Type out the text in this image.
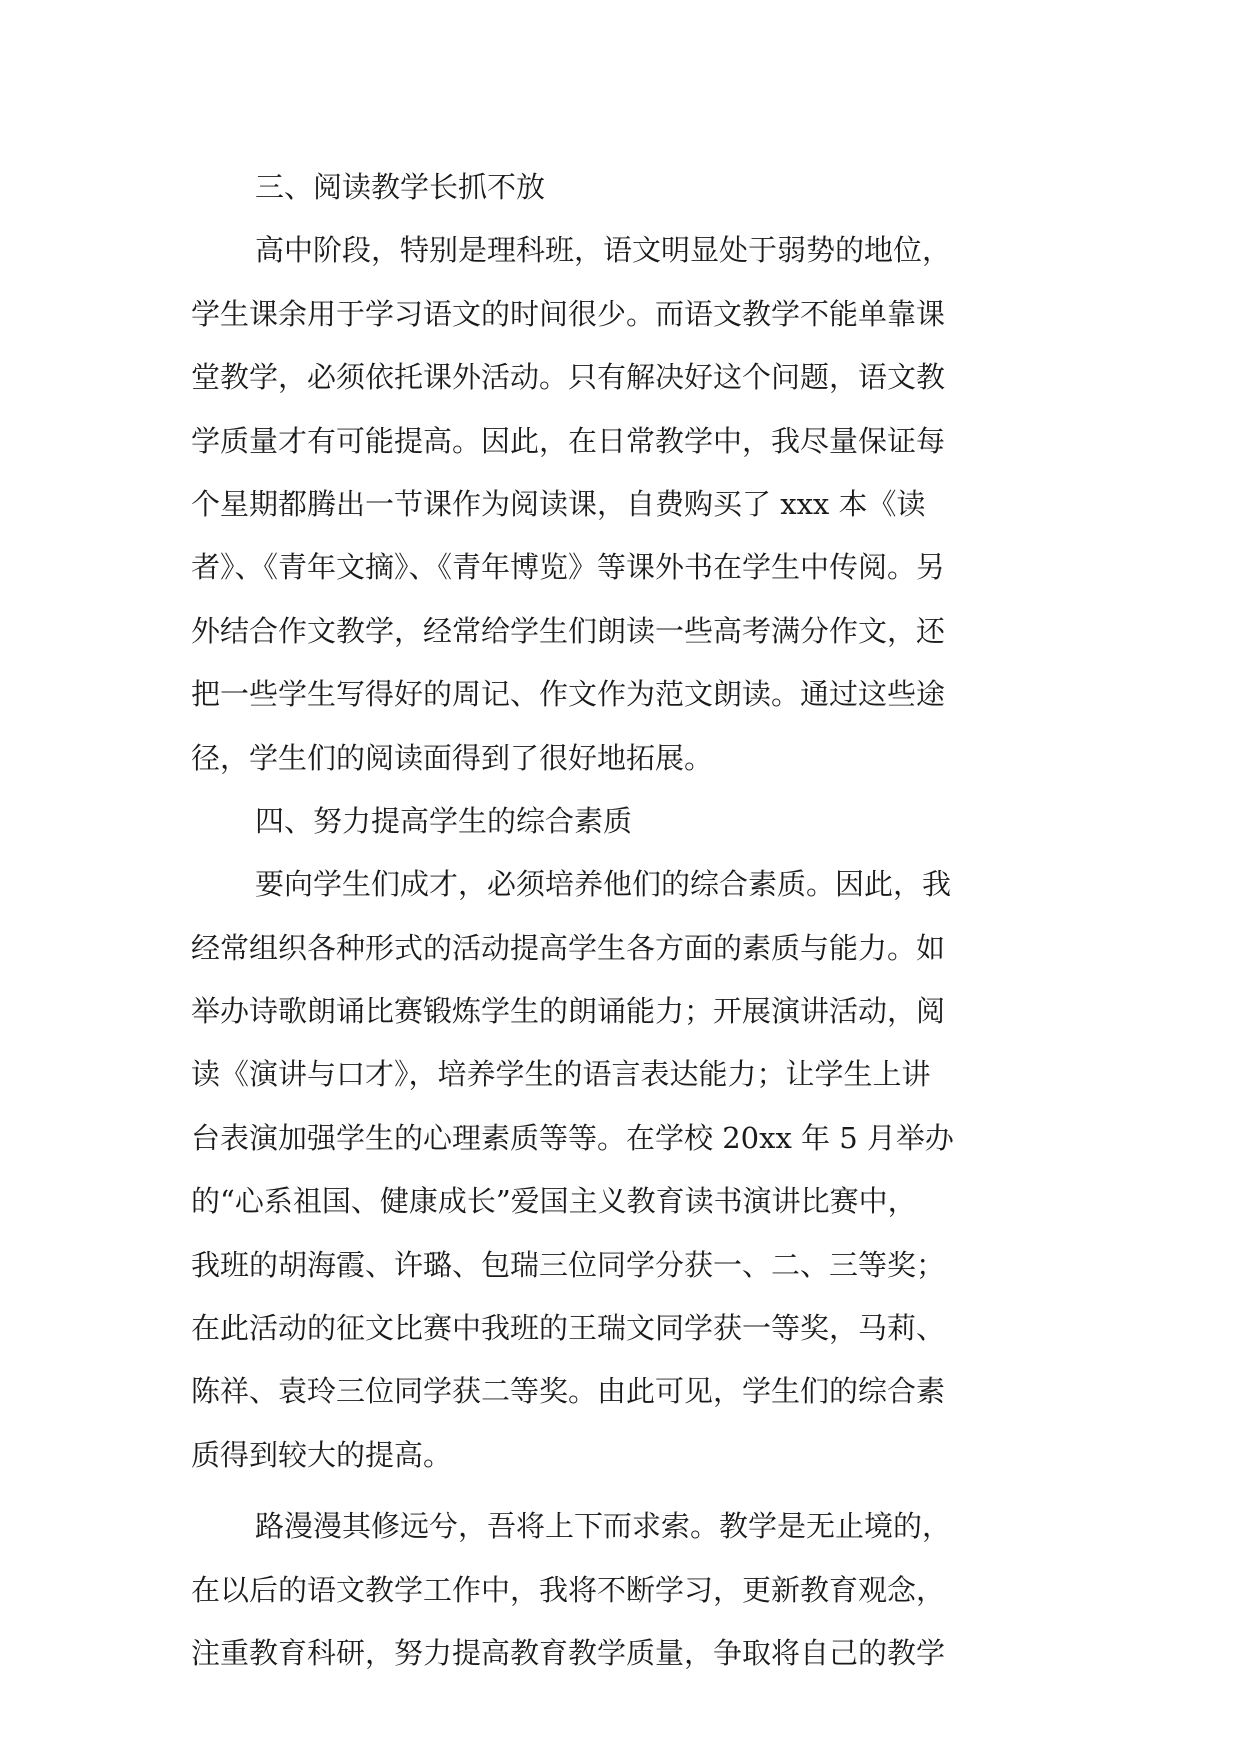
三、阅读教学长抓不放
高中阶段，特别是理科班，语文明显处于弱势的地位，
学生课余用于学习语文的时间很少。而语文教学不能单靠课
堂教学，必须依托课外活动。只有解决好这个问题，语文教
学质量才有可能提高。因此，在日常教学中，我尽量保证每
个星期都腾出一节课作为阅读课，自费购买了 xxx 本《读
者》、《青年文摘》、《青年博览》等课外书在学生中传阅。另
外结合作文教学，经常给学生们朗读一些高考满分作文，还
把一些学生写得好的周记、作文作为范文朗读。通过这些途
径，学生们的阅读面得到了很好地拓展。
四、努力提高学生的综合素质
要向学生们成才，必须培养他们的综合素质。因此，我
经常组织各种形式的活动提高学生各方面的素质与能力。如
举办诗歌朗诵比赛锻炼学生的朗诵能力；开展演讲活动，阅
读《演讲与口才》，培养学生的语言表达能力；让学生上讲
台表演加强学生的心理素质等等。在学校 20xx 年 5 月举办
的“心系祖国、健康成长”爱国主义教育读书演讲比赛中，
我班的胡海霞、许璐、包瑞三位同学分获一、二、三等奖；
在此活动的征文比赛中我班的王瑞文同学获一等奖，马莉、
陈祥、袁玲三位同学获二等奖。由此可见，学生们的综合素
质得到较大的提高。
路漫漫其修远兮，吾将上下而求索。教学是无止境的，
在以后的语文教学工作中，我将不断学习，更新教育观念，
注重教育科研，努力提高教育教学质量，争取将自己的教学
